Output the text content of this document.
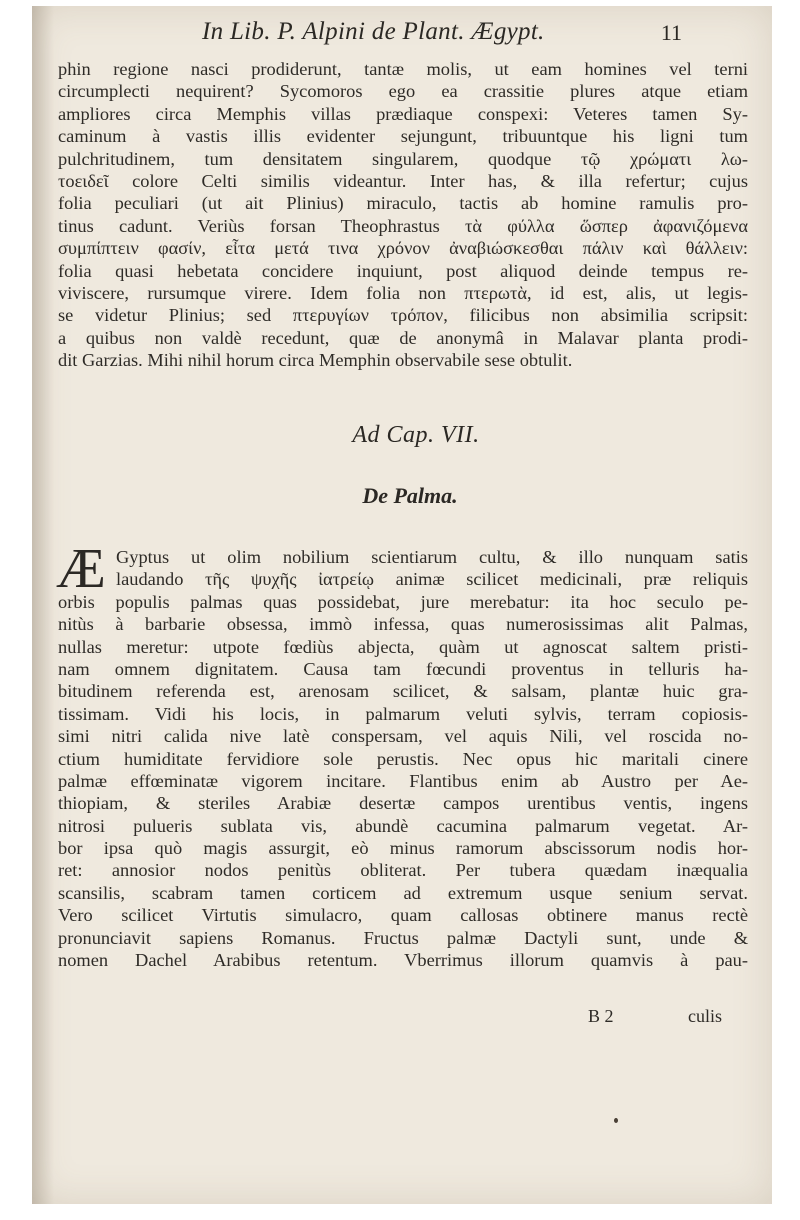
In Lib. P. Alpini de Plant. Ægypt.	11
phin regione nasci prodiderunt, tantæ molis, ut eam homines vel terni
circumplecti nequirent? Sycomoros ego ea crassitie plures atque etiam
ampliores circa Memphis villas prædiaque conspexi: Veteres tamen Sy-
caminum à vastis illis evidenter sejungunt, tribuuntque his ligni tum
pulchritudinem, tum densitatem singularem, quodque τῷ χρώματι λω-
τοειδεῖ colore Celti similis videantur. Inter has, & illa refertur; cujus
folia peculiari (ut ait Plinius) miraculo, tactis ab homine ramulis pro-
tinus cadunt. Veriùs forsan Theophrastus τὰ φύλλα ὥσπερ ἀφανιζόμενα
συμπίπτειν φασίν, εἶτα μετά τινα χρόνον ἀναβιώσκεσθαι πάλιν καὶ θάλλειν:
folia quasi hebetata concidere inquiunt, post aliquod deinde tempus re-
viviscere, rursumque virere. Idem folia non πτερωτὰ, id est, alis, ut legis-
se videtur Plinius; sed πτερυγίων τρόπον, filicibus non absimilia scripsit:
a quibus non valdè recedunt, quæ de anonymâ in Malavar planta prodi-
dit Garzias. Mihi nihil horum circa Memphin observabile sese obtulit.
Ad Cap. VII.
De Palma.
Æ Gyptus ut olim nobilium scientiarum cultu, & illo nunquam satis
laudando τῆς ψυχῆς ἰατρείῳ animæ scilicet medicinali, præ reliquis
orbis populis palmas quas possidebat, jure merebatur: ita hoc seculo pe-
nitùs à barbarie obsessa, immò infessa, quas numerosissimas alit Palmas,
nullas meretur: utpote fœdiùs abjecta, quàm ut agnoscat saltem pristi-
nam omnem dignitatem. Causa tam fœcundi proventus in telluris ha-
bitudinem referenda est, arenosam scilicet, & salsam, plantæ huic gra-
tissimam. Vidi his locis, in palmarum veluti sylvis, terram copiosis-
simi nitri calida nive latè conspersam, vel aquis Nili, vel roscida no-
ctium humiditate fervidiore sole perustis. Nec opus hic maritali cinere
palmæ effœminatæ vigorem incitare. Flantibus enim ab Austro per Ae-
thiopiam, & steriles Arabiæ desertæ campos urentibus ventis, ingens
nitrosi pulueris sublata vis, abundè cacumina palmarum vegetat. Ar-
bor ipsa quò magis assurgit, eò minus ramorum abscissorum nodis hor-
ret: annosior nodos penitùs obliterat. Per tubera quædam inæqualia
scansilis, scabram tamen corticem ad extremum usque senium servat.
Vero scilicet Virtutis simulacro, quam callosas obtinere manus rectè
pronunciavit sapiens Romanus. Fructus palmæ Dactyli sunt, unde &
nomen Dachel Arabibus retentum. Vberrimus illorum quamvis à pau-
B 2	culis
